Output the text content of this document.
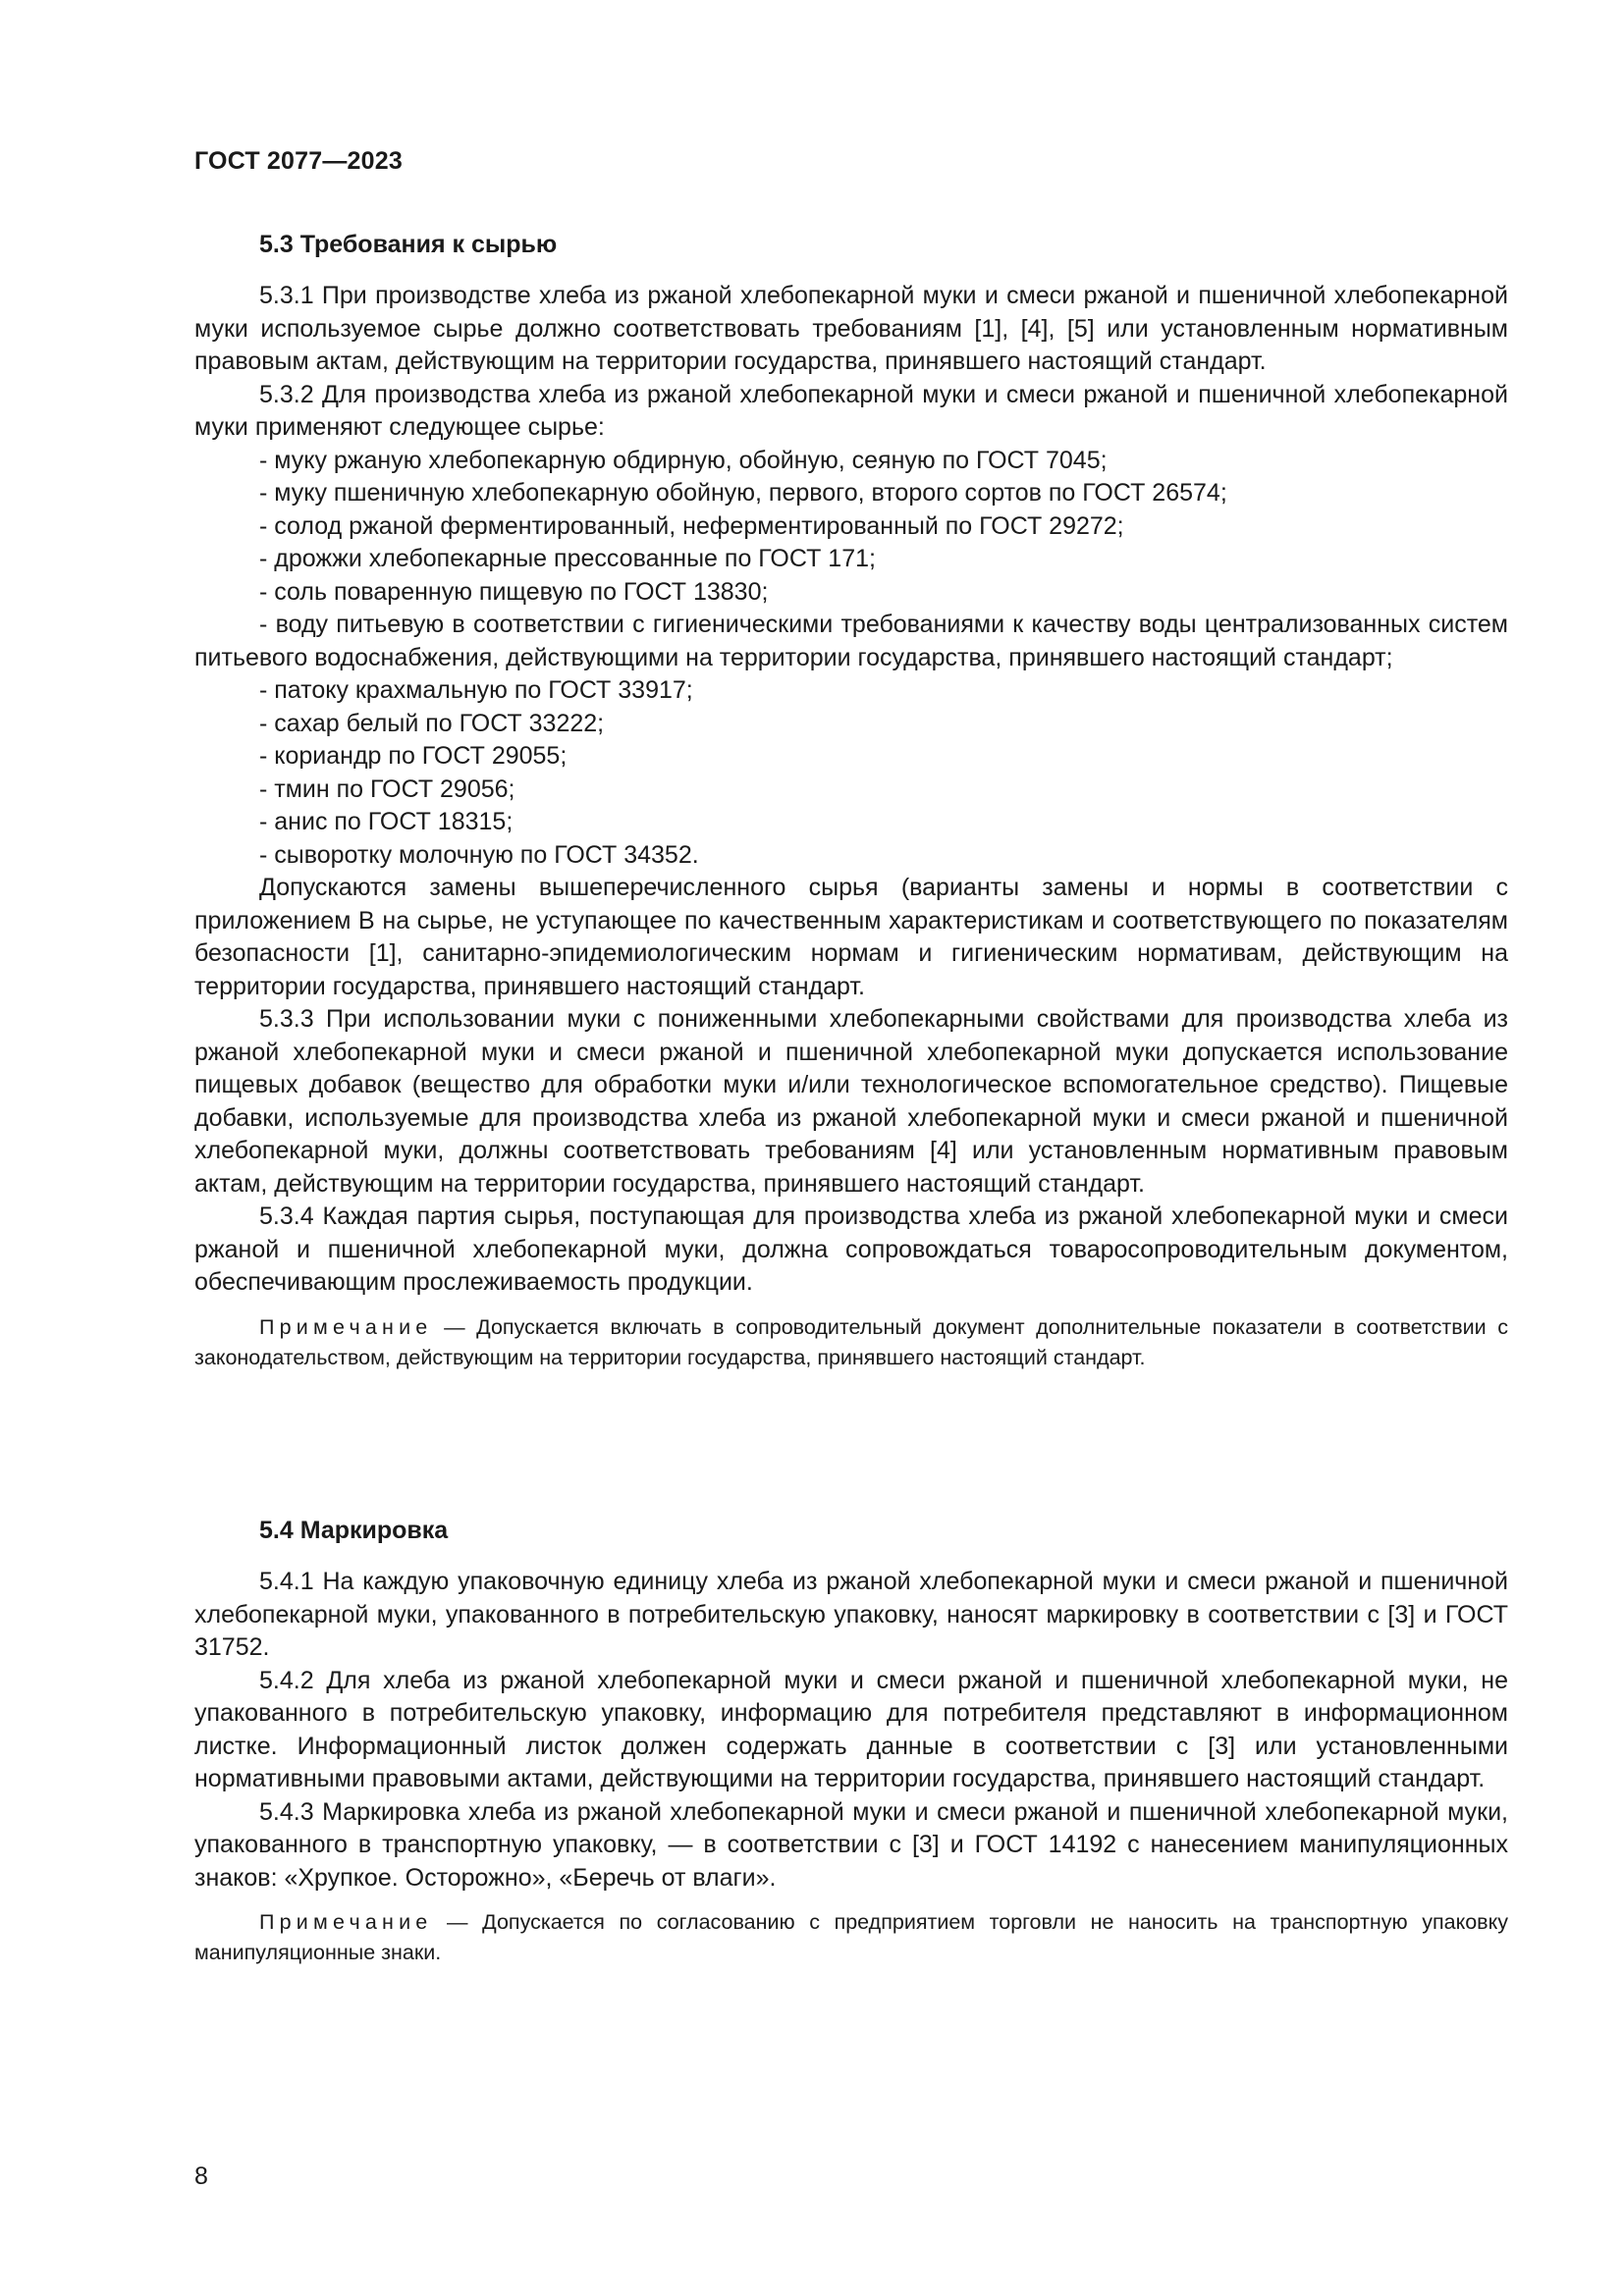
ГОСТ 2077—2023

5.3 Требования к сырью

5.3.1 При производстве хлеба из ржаной хлебопекарной муки и смеси ржаной и пшеничной хлебопекарной муки используемое сырье должно соответствовать требованиям [1], [4], [5] или установленным нормативным правовым актам, действующим на территории государства, принявшего настоящий стандарт.

5.3.2 Для производства хлеба из ржаной хлебопекарной муки и смеси ржаной и пшеничной хлебопекарной муки применяют следующее сырье:

- муку ржаную хлебопекарную обдирную, обойную, сеяную по ГОСТ 7045;

- муку пшеничную хлебопекарную обойную, первого, второго сортов по ГОСТ 26574;

- солод ржаной ферментированный, неферментированный по ГОСТ 29272;

- дрожжи хлебопекарные прессованные по ГОСТ 171;

- соль поваренную пищевую по ГОСТ 13830;

- воду питьевую в соответствии с гигиеническими требованиями к качеству воды централизованных систем питьевого водоснабжения, действующими на территории государства, принявшего настоящий стандарт;

- патоку крахмальную по ГОСТ 33917;

- сахар белый по ГОСТ 33222;

- кориандр по ГОСТ 29055;

- тмин по ГОСТ 29056;

- анис по ГОСТ 18315;

- сыворотку молочную по ГОСТ 34352.

Допускаются замены вышеперечисленного сырья (варианты замены и нормы в соответствии с приложением В на сырье, не уступающее по качественным характеристикам и соответствующего по показателям безопасности [1], санитарно-эпидемиологическим нормам и гигиеническим нормативам, действующим на территории государства, принявшего настоящий стандарт.

5.3.3 При использовании муки с пониженными хлебопекарными свойствами для производства хлеба из ржаной хлебопекарной муки и смеси ржаной и пшеничной хлебопекарной муки допускается использование пищевых добавок (вещество для обработки муки и/или технологическое вспомогательное средство). Пищевые добавки, используемые для производства хлеба из ржаной хлебопекарной муки и смеси ржаной и пшеничной хлебопекарной муки, должны соответствовать требованиям [4] или установленным нормативным правовым актам, действующим на территории государства, принявшего настоящий стандарт.

5.3.4 Каждая партия сырья, поступающая для производства хлеба из ржаной хлебопекарной муки и смеси ржаной и пшеничной хлебопекарной муки, должна сопровождаться товаросопроводительным документом, обеспечивающим прослеживаемость продукции.

Примечание — Допускается включать в сопроводительный документ дополнительные показатели в соответствии с законодательством, действующим на территории государства, принявшего настоящий стандарт.

5.4 Маркировка

5.4.1 На каждую упаковочную единицу хлеба из ржаной хлебопекарной муки и смеси ржаной и пшеничной хлебопекарной муки, упакованного в потребительскую упаковку, наносят маркировку в соответствии с [3] и ГОСТ 31752.

5.4.2 Для хлеба из ржаной хлебопекарной муки и смеси ржаной и пшеничной хлебопекарной муки, не упакованного в потребительскую упаковку, информацию для потребителя представляют в информационном листке. Информационный листок должен содержать данные в соответствии с [3] или установленными нормативными правовыми актами, действующими на территории государства, принявшего настоящий стандарт.

5.4.3 Маркировка хлеба из ржаной хлебопекарной муки и смеси ржаной и пшеничной хлебопекарной муки, упакованного в транспортную упаковку, — в соответствии с [3] и ГОСТ 14192 с нанесением манипуляционных знаков: «Хрупкое. Осторожно», «Беречь от влаги».

Примечание — Допускается по согласованию с предприятием торговли не наносить на транспортную упаковку манипуляционные знаки.

8
